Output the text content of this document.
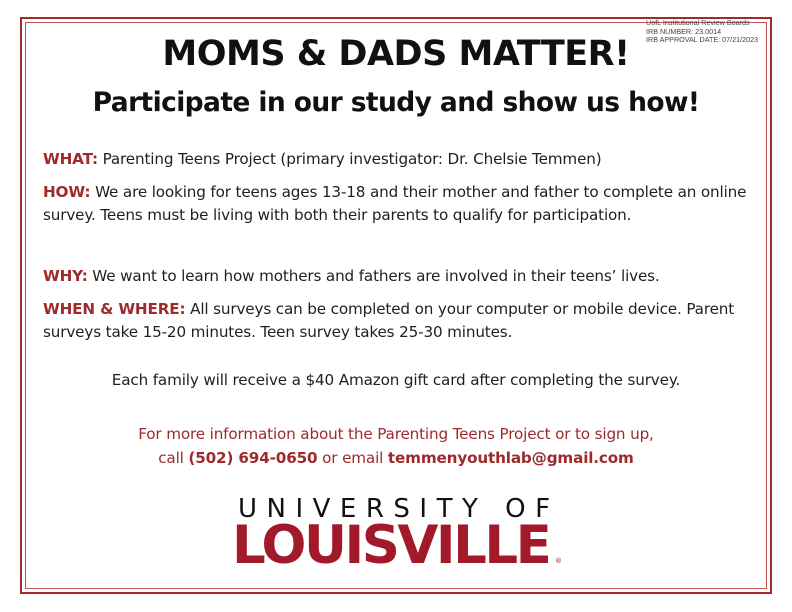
UofL Institutional Review Boards
IRB NUMBER: 23.0014
IRB APPROVAL DATE: 07/21/2023
MOMS & DADS MATTER!
Participate in our study and show us how!
WHAT: Parenting Teens Project (primary investigator: Dr. Chelsie Temmen)
HOW: We are looking for teens ages 13-18 and their mother and father to complete an online survey. Teens must be living with both their parents to qualify for participation.
WHY: We want to learn how mothers and fathers are involved in their teens’ lives.
WHEN & WHERE: All surveys can be completed on your computer or mobile device. Parent surveys take 15-20 minutes. Teen survey takes 25-30 minutes.
Each family will receive a $40 Amazon gift card after completing the survey.
For more information about the Parenting Teens Project or to sign up,
call (502) 694-0650 or email temmenyouthlab@gmail.com
UNIVERSITY OF
LOUISVILLE ®
